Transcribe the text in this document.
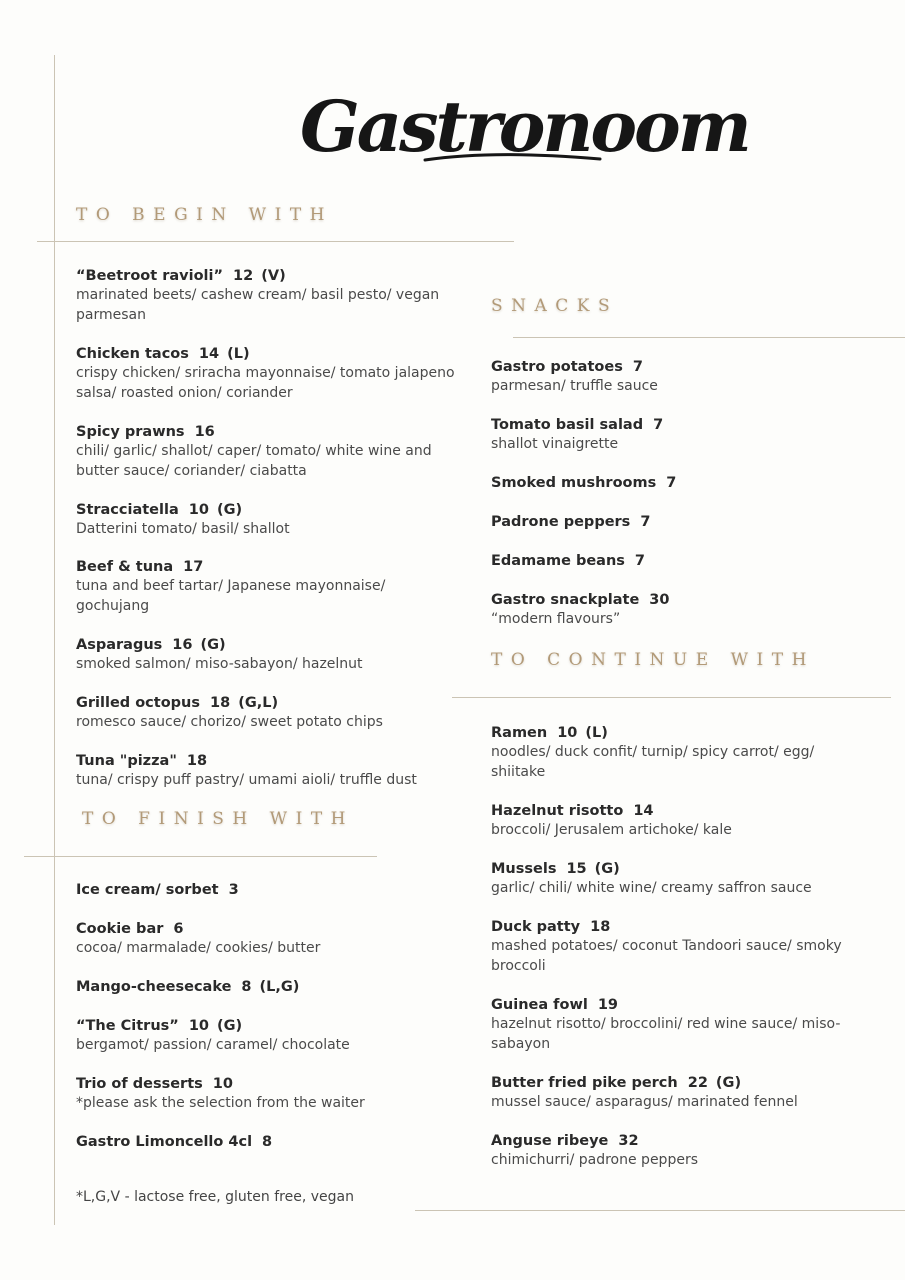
Gastronoom
TO BEGIN WITH
“Beetroot ravioli” 12 (V)
marinated beets/ cashew cream/ basil pesto/ vegan parmesan
Chicken tacos 14 (L)
crispy chicken/ sriracha mayonnaise/ tomato jalapeno salsa/ roasted onion/ coriander
Spicy prawns 16
chili/ garlic/ shallot/ caper/ tomato/ white wine and butter sauce/ coriander/ ciabatta
Stracciatella 10 (G)
Datterini tomato/ basil/ shallot
Beef & tuna 17
tuna and beef tartar/ Japanese mayonnaise/ gochujang
Asparagus 16 (G)
smoked salmon/ miso-sabayon/ hazelnut
Grilled octopus 18 (G,L)
romesco sauce/ chorizo/ sweet potato chips
Tuna "pizza" 18
tuna/ crispy puff pastry/ umami aioli/ truffle dust
TO FINISH WITH
Ice cream/ sorbet 3
Cookie bar 6
cocoa/ marmalade/ cookies/ butter
Mango-cheesecake 8 (L,G)
“The Citrus” 10 (G)
bergamot/ passion/ caramel/ chocolate
Trio of desserts 10
*please ask the selection from the waiter
Gastro Limoncello 4cl 8
*L,G,V - lactose free, gluten free, vegan
SNACKS
Gastro potatoes 7
parmesan/ truffle sauce
Tomato basil salad 7
shallot vinaigrette
Smoked mushrooms 7
Padrone peppers 7
Edamame beans 7
Gastro snackplate 30
“modern flavours”
TO CONTINUE WITH
Ramen 10 (L)
noodles/ duck confit/ turnip/ spicy carrot/ egg/ shiitake
Hazelnut risotto 14
broccoli/ Jerusalem artichoke/ kale
Mussels 15 (G)
garlic/ chili/ white wine/ creamy saffron sauce
Duck patty 18
mashed potatoes/ coconut Tandoori sauce/ smoky broccoli
Guinea fowl 19
hazelnut risotto/ broccolini/ red wine sauce/ miso-sabayon
Butter fried pike perch 22 (G)
mussel sauce/ asparagus/ marinated fennel
Anguse ribeye 32
chimichurri/ padrone peppers
